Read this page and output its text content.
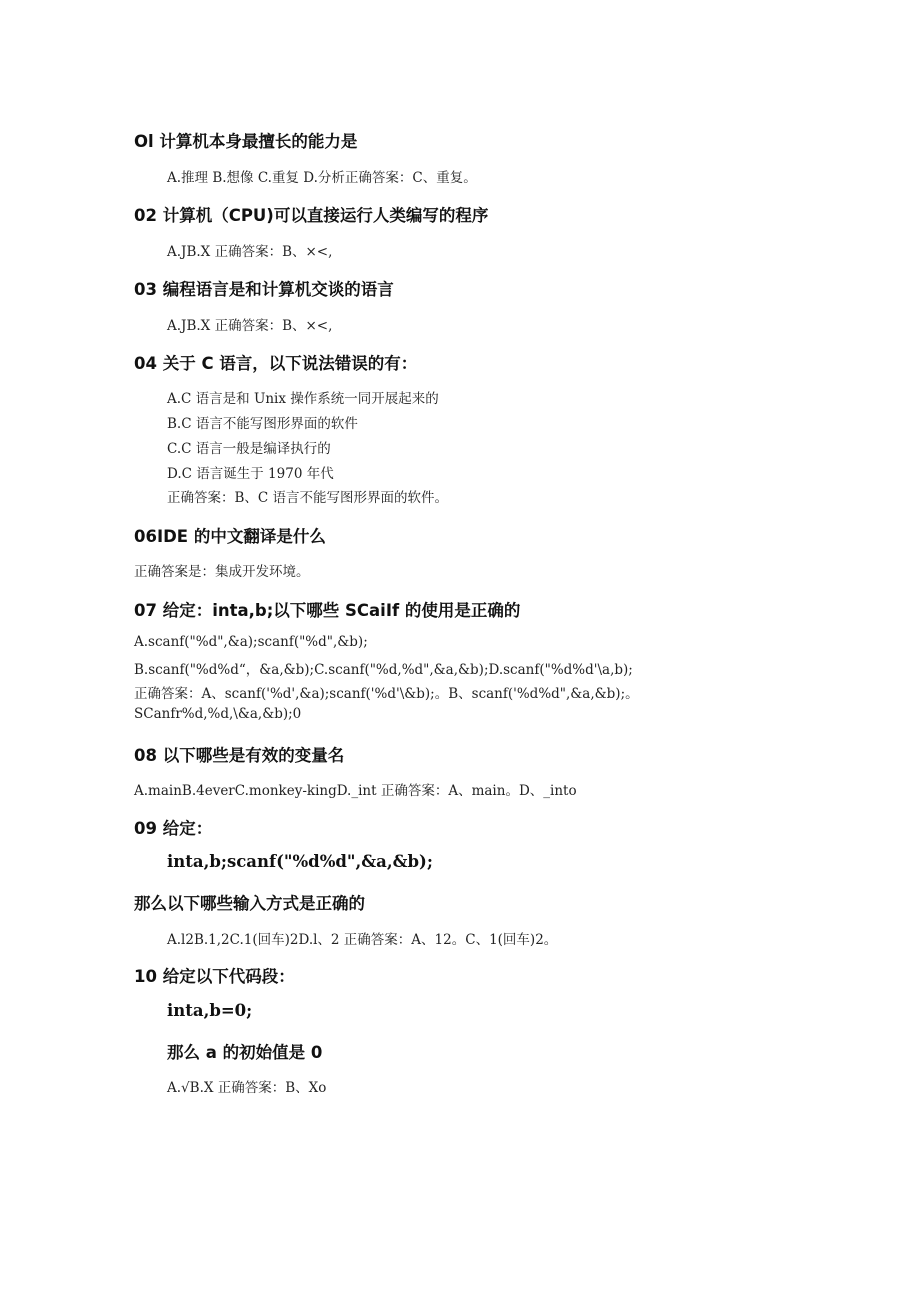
Ol 计算机本身最擅长的能力是
A.推理 B.想像 C.重复 D.分析正确答案：C、重复。
02 计算机（CPU)可以直接运行人类编写的程序
A.JB.X 正确答案：B、×<,
03 编程语言是和计算机交谈的语言
A.JB.X 正确答案：B、×<,
04 关于 C 语言，以下说法错误的有：
A.C 语言是和 Unix 操作系统一同开展起来的
B.C 语言不能写图形界面的软件
C.C 语言一般是编译执行的
D.C 语言诞生于 1970 年代
正确答案：B、C 语言不能写图形界面的软件。
06IDE 的中文翻译是什么
正确答案是：集成开发环境。
07 给定：inta,b;以下哪些 SCaiIf 的使用是正确的
A.scanf("%d",&a);scanf("%d",&b);
B.scanf("%d%d“，&a,&b);C.scanf("%d,%d",&a,&b);D.scanf("%d%d'\a,b);
正确答案：A、scanf('%d',&a);scanf('%d'\&b);。B、scanf('%d%d",&a,&b);。
SCanfr%d,%d,\&a,&b);0
08 以下哪些是有效的变量名
A.mainB.4everC.monkey-kingD._int 正确答案：A、main。D、_into
09 给定：
inta,b;scanf("%d%d",&a,&b);
那么以下哪些输入方式是正确的
A.l2B.1,2C.1(回车)2D.l、2 正确答案：A、12。C、1(回车)2。
10 给定以下代码段：
inta,b=0;
那么 a 的初始值是 0
A.√B.X 正确答案：B、Xo
